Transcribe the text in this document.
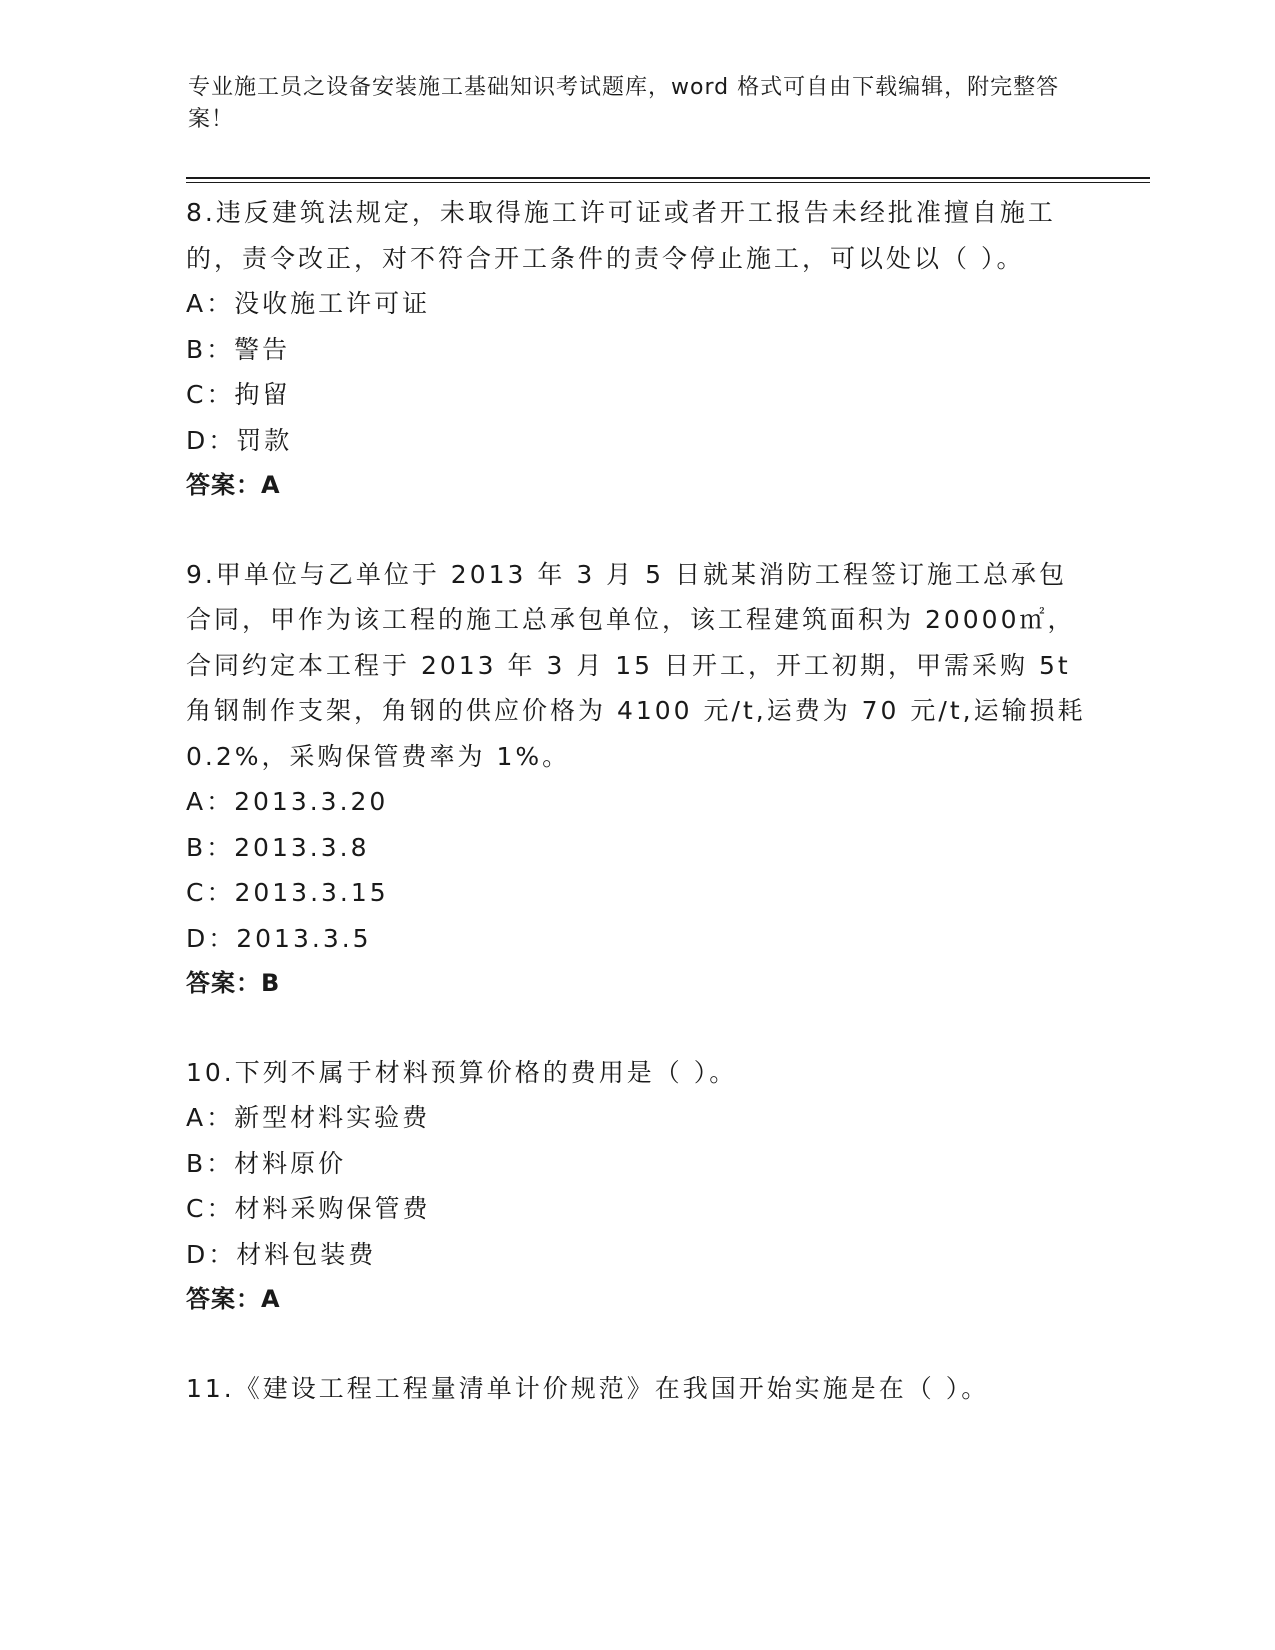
专业施工员之设备安装施工基础知识考试题库，word 格式可自由下载编辑，附完整答案！

8.违反建筑法规定，未取得施工许可证或者开工报告未经批准擅自施工的，责令改正，对不符合开工条件的责令停止施工，可以处以（ ）。

A：没收施工许可证

B：警告

C：拘留

D：罚款

答案：A

9.甲单位与乙单位于 2013 年 3 月 5 日就某消防工程签订施工总承包合同，甲作为该工程的施工总承包单位，该工程建筑面积为 20000㎡，合同约定本工程于 2013 年 3 月 15 日开工，开工初期，甲需采购 5t 角钢制作支架，角钢的供应价格为 4100 元/t,运费为 70 元/t,运输损耗 0.2%，采购保管费率为 1%。

A：2013.3.20

B：2013.3.8

C：2013.3.15

D：2013.3.5

答案：B

10.下列不属于材料预算价格的费用是（ ）。

A：新型材料实验费

B：材料原价

C：材料采购保管费

D：材料包装费

答案：A

11.《建设工程工程量清单计价规范》在我国开始实施是在（ ）。
